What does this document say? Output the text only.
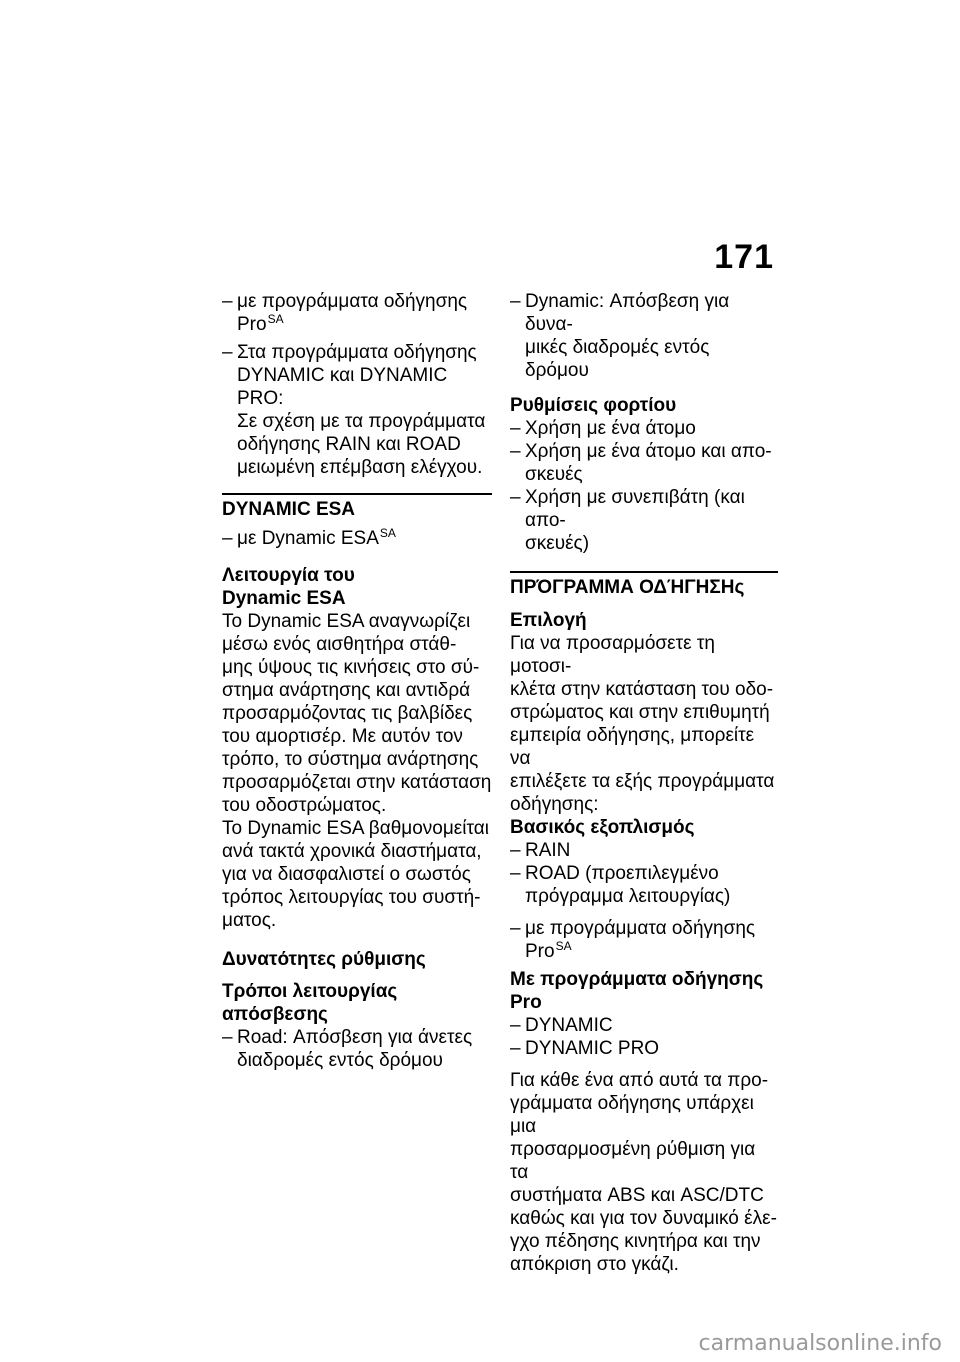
171
– με προγράμματα οδήγησης
Pro$^{SA}$
– Στα προγράμματα οδήγησης
DYNAMIC και DYNAMIC PRO:
Σε σχέση με τα προγράμματα
οδήγησης RAIN και ROAD
μειωμένη επέμβαση ελέγχου.
DYNAMIC ESA
– με Dynamic $ESA^{SA}$
Λειτουργία του
Dynamic ESA
Το Dynamic ESA αναγνωρίζει
μέσω ενός αισθητήρα στάθ-
μης ύψους τις κινήσεις στο σύ-
στημα ανάρτησης και αντιδρά
προσαρμόζοντας τις βαλβίδες
του αμορτισέρ. Με αυτόν τον
τρόπο, το σύστημα ανάρτησης
προσαρμόζεται στην κατάσταση
του οδοστρώματος.
Το Dynamic ESA βαθμονομείται
ανά τακτά χρονικά διαστήματα,
για να διασφαλιστεί ο σωστός
τρόπος λειτουργίας του συστή-
ματος.
Δυνατότητες ρύθμισης
Τρόποι λειτουργίας
απόσβεσης
– Road: Απόσβεση για άνετες
διαδρομές εντός δρόμου
– Dynamic: Απόσβεση για δυνα-
μικές διαδρομές εντός δρόμου
Ρυθμίσεις φορτίου
– Χρήση με ένα άτομο
– Χρήση με ένα άτομο και απο-
σκευές
– Χρήση με συνεπιβάτη (και απο-
σκευές)
ΠΡΌΓΡΑΜΜΑ ΟΔΉΓΗΣΗς
Επιλογή
Για να προσαρμόσετε τη μοτοσι-
κλέτα στην κατάσταση του οδο-
στρώματος και στην επιθυμητή
εμπειρία οδήγησης, μπορείτε να
επιλέξετε τα εξής προγράμματα
οδήγησης:
Βασικός εξοπλισμός
– RAIN
– ROAD (προεπιλεγμένο
πρόγραμμα λειτουργίας)
– με προγράμματα οδήγησης
Pro$^{SA}$
Με προγράμματα οδήγησης
Pro
– DYNAMIC
– DYNAMIC PRO
Για κάθε ένα από αυτά τα προ-
γράμματα οδήγησης υπάρχει μια
προσαρμοσμένη ρύθμιση για τα
συστήματα ABS και ASC/DTC
καθώς και για τον δυναμικό έλε-
γχο πέδησης κινητήρα και την
απόκριση στο γκάζι.
carmanualsonline.info
